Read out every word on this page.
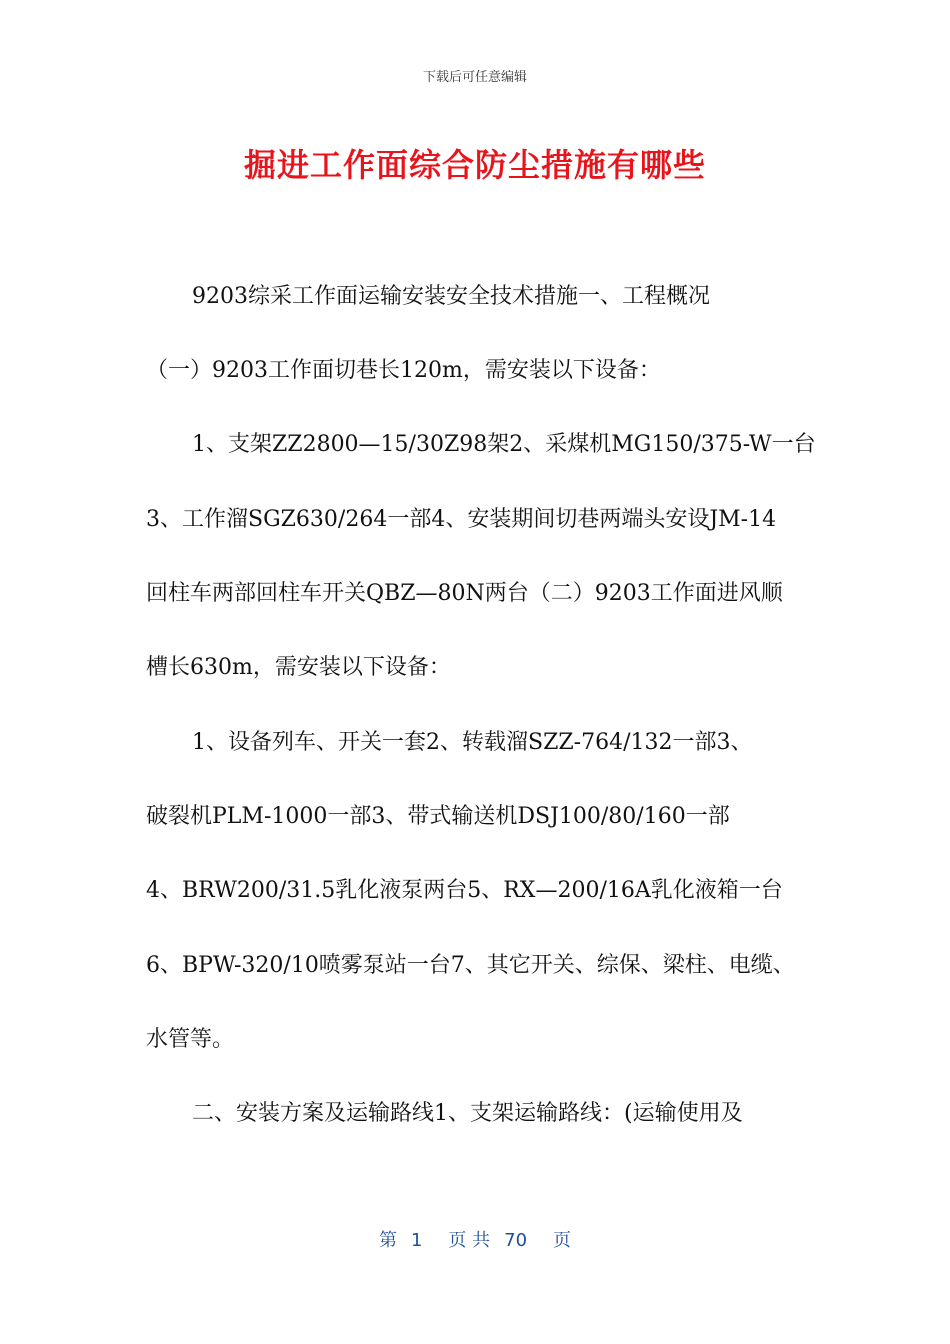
下载后可任意编辑
掘进工作面综合防尘措施有哪些
9203综采工作面运输安装安全技术措施一、工程概况
（一）9203工作面切巷长120m，需安装以下设备：
1、支架ZZ2800—15/30Z98架2、采煤机MG150/375-W一台
3、工作溜SGZ630/264一部4、安装期间切巷两端头安设JM-14
回柱车两部回柱车开关QBZ—80N两台（二）9203工作面进风顺
槽长630m，需安装以下设备：
1、设备列车、开关一套2、转载溜SZZ-764/132一部3、
破裂机PLM-1000一部3、带式输送机DSJ100/80/160一部
4、BRW200/31.5乳化液泵两台5、RX—200/16A乳化液箱一台
6、BPW-320/10喷雾泵站一台7、其它开关、综保、梁柱、电缆、
水管等。
二、安装方案及运输路线1、支架运输路线：(运输使用及
第 1 页 共 70 页
